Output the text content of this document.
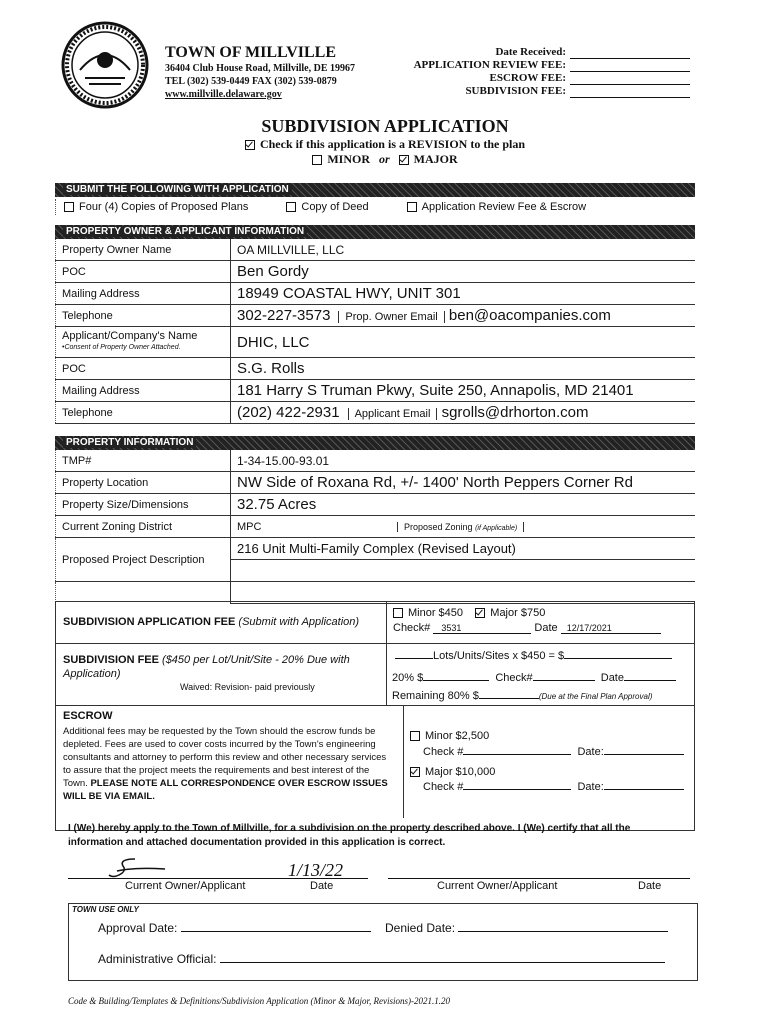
TOWN OF MILLVILLE
36404 Club House Road, Millville, DE 19967
TEL (302) 539-0449 FAX (302) 539-0879
www.millville.delaware.gov
Date Received:
APPLICATION REVIEW FEE:
ESCROW FEE:
SUBDIVISION FEE:
SUBDIVISION APPLICATION
Check if this application is a REVISION to the plan
MINOR or MAJOR
SUBMIT THE FOLLOWING WITH APPLICATION
Four (4) Copies of Proposed Plans	Copy of Deed	Application Review Fee & Escrow
PROPERTY OWNER & APPLICANT INFORMATION
Property Owner Name	OA MILLVILLE, LLC
POC	Ben Gordy
Mailing Address	18949 COASTAL HWY, UNIT 301
Telephone	302-227-3573 Prop. Owner Email ben@oacompanies.com

Applicant/Company's Name
•Consent of Property Owner Attached.	DHIC, LLC
POC	S.G. Rolls
Mailing Address	181 Harry S Truman Pkwy, Suite 250, Annapolis, MD 21401
Telephone	(202) 422-2931 Applicant Email sgrolls@drhorton.com
PROPERTY INFORMATION
TMP#	1-34-15.00-93.01
Property Location	NW Side of Roxana Rd, +/- 1400' North Peppers Corner Rd
Property Size/Dimensions	32.75 Acres
Current Zoning District	MPC Proposed Zoning (if Applicable)
Proposed Project Description	216 Unit Multi-Family Complex (Revised Layout)

SUBDIVISION APPLICATION FEE (Submit with Application)
Minor $450 Major $750
Check# 3531	Date 12/17/2021
SUBDIVISION FEE ($450 per Lot/Unit/Site - 20% Due with Application)
Waived: Revision- paid previously
Lots/Units/Sites x $450 = $
20% $	Check#	Date
Remaining 80% $	(Due at the Final Plan Approval)
ESCROW
Additional fees may be requested by the Town should the escrow funds be depleted. Fees are used to cover costs incurred by the Town's engineering consultants and attorney to perform this review and other necessary services to assure that the project meets the requirements and best interest of the Town. PLEASE NOTE ALL CORRESPONDENCE OVER ESCROW ISSUES WILL BE VIA EMAIL.
Minor $2,500
Check #	Date:
Major $10,000
Check #	Date:
I (We) hereby apply to the Town of Millville, for a subdivision on the property described above. I (We) certify that all the information and attached documentation provided in this application is correct.
1/13/22
Current Owner/Applicant	Date	Current Owner/Applicant	Date
TOWN USE ONLY
Approval Date:	Denied Date:
Administrative Official:
Code & Building/Templates & Definitions/Subdivision Application (Minor & Major, Revisions)-2021.1.20
